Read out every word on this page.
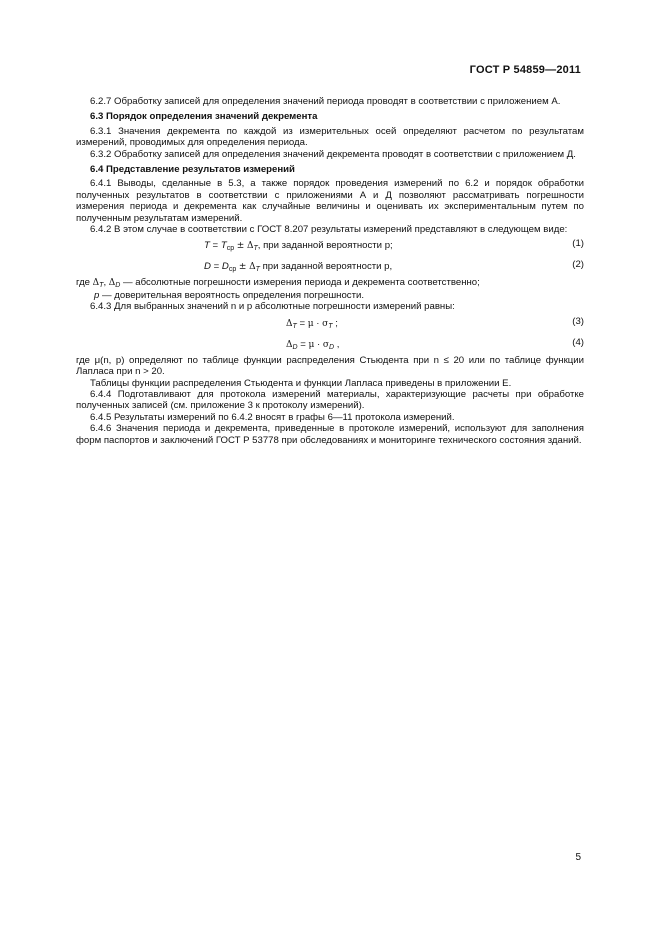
ГОСТ Р 54859—2011

6.2.7 Обработку записей для определения значений периода проводят в соответствии с приложением А.

6.3 Порядок определения значений декремента

6.3.1 Значения декремента по каждой из измерительных осей определяют расчетом по результатам измерений, проводимых для определения периода.

6.3.2 Обработку записей для определения значений декремента проводят в соответствии с приложением Д.

6.4 Представление результатов измерений

6.4.1 Выводы, сделанные в 5.3, а также порядок проведения измерений по 6.2 и порядок обработки полученных результатов в соответствии с приложениями А и Д позволяют рассматривать погрешности измерения периода и декремента как случайные величины и оценивать их экспериментальным путем по полученным результатам измерений.

6.4.2 В этом случае в соответствии с ГОСТ 8.207 результаты измерений представляют в следующем виде:

$T = T_{ср} \pm \Delta_T$, при заданной вероятности p;	(1)
$D = D_{ср} \pm \Delta_T$ при заданной вероятности p,	(2)

где $\Delta_T$, $\Delta_D$ — абсолютные погрешности измерения периода и декремента соответственно;

p — доверительная вероятность определения погрешности.

6.4.3 Для выбранных значений n и p абсолютные погрешности измерений равны:

$\Delta_T = \mu \cdot \sigma_T$ ;	(3)
$\Delta_D = \mu \cdot \sigma_D$ ,	(4)

где μ(n, p) определяют по таблице функции распределения Стьюдента при n ≤ 20 или по таблице функции Лапласа при n > 20.

Таблицы функции распределения Стьюдента и функции Лапласа приведены в приложении Е.

6.4.4 Подготавливают для протокола измерений материалы, характеризующие расчеты при обработке полученных записей (см. приложение 3 к протоколу измерений).

6.4.5 Результаты измерений по 6.4.2 вносят в графы 6—11 протокола измерений.

6.4.6 Значения периода и декремента, приведенные в протоколе измерений, используют для заполнения форм паспортов и заключений ГОСТ Р 53778 при обследованиях и мониторинге технического состояния зданий.

5
